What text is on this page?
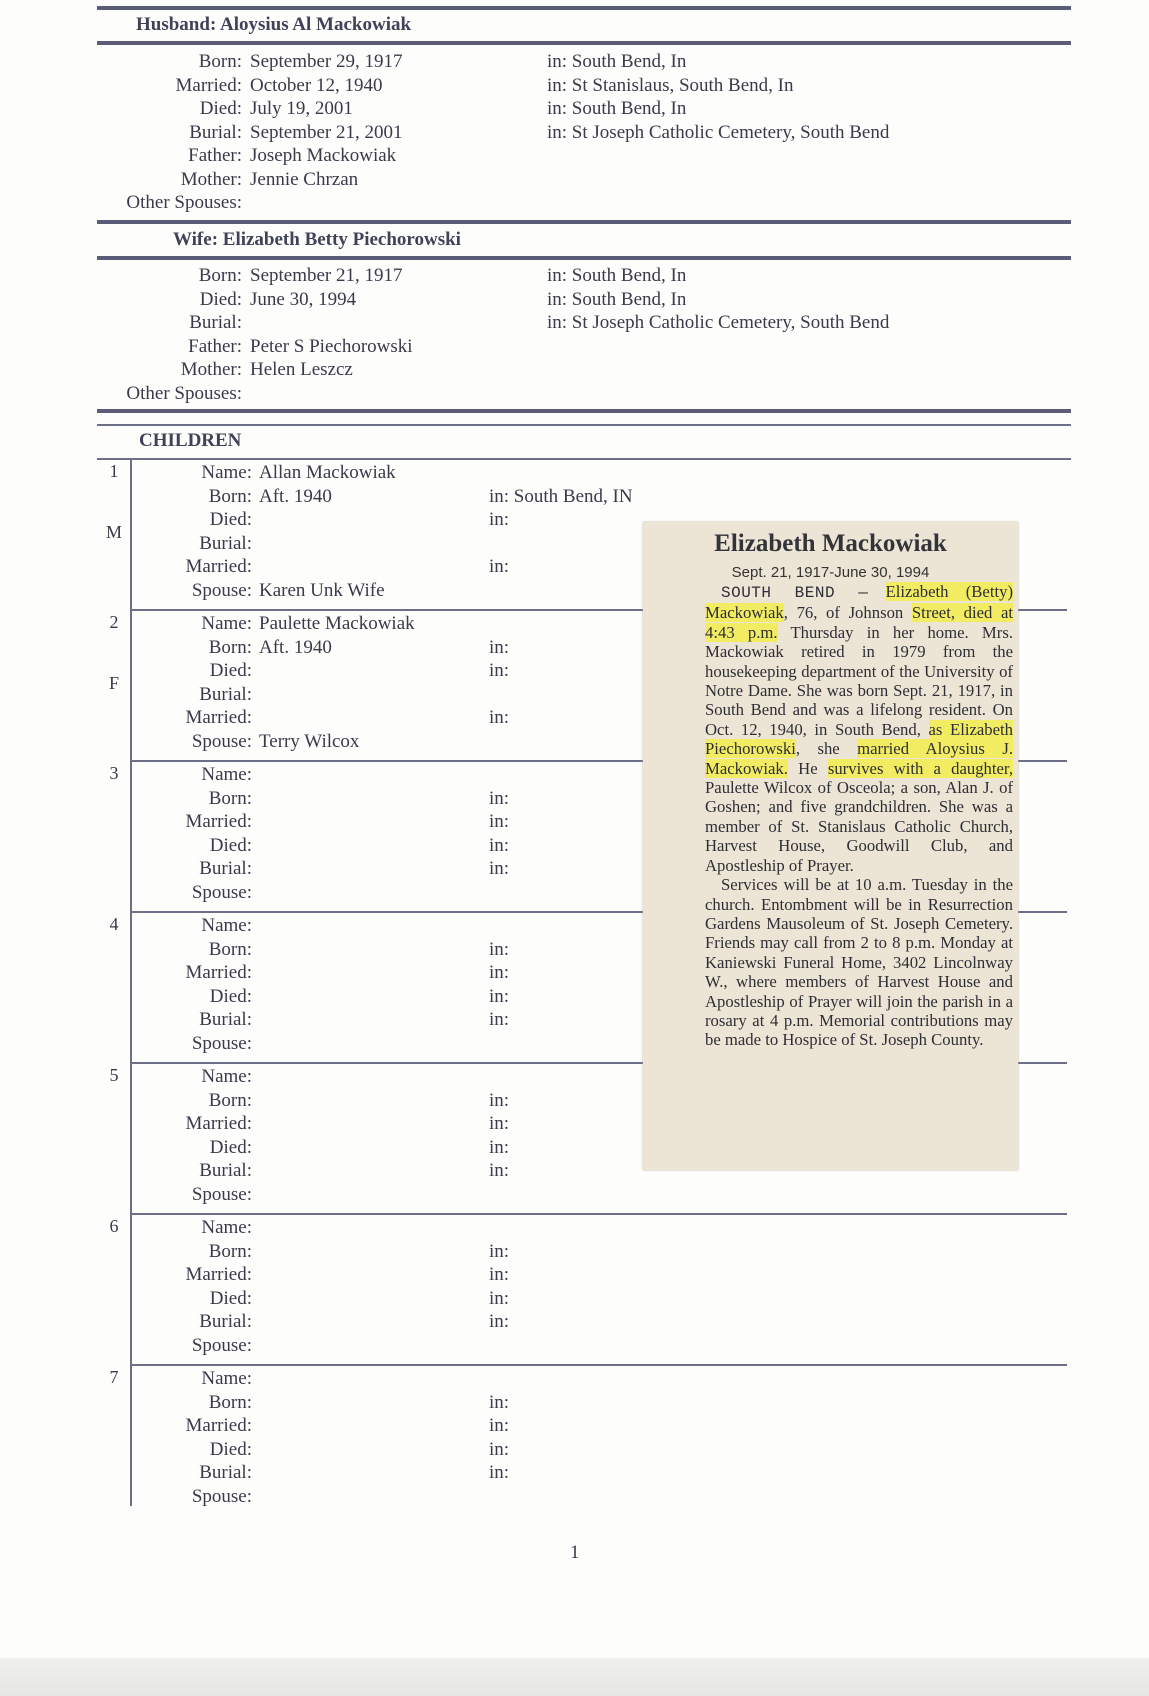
Husband: Aloysius Al Mackowiak
Born: September 29, 1917	in: South Bend, In
Married: October 12, 1940	in: St Stanislaus, South Bend, In
Died: July 19, 2001	in: South Bend, In
Burial: September 21, 2001	in: St Joseph Catholic Cemetery, South Bend
Father: Joseph Mackowiak
Mother: Jennie Chrzan
Other Spouses:
Wife: Elizabeth Betty Piechorowski
Born: September 21, 1917	in: South Bend, In
Died: June 30, 1994	in: South Bend, In
Burial:	in: St Joseph Catholic Cemetery, South Bend
Father: Peter S Piechorowski
Mother: Helen Leszcz
Other Spouses:
CHILDREN
1
M
Name: Allan Mackowiak
Born: Aft. 1940	in: South Bend, IN
Died:	in:
Burial:
Married:	in:
Spouse: Karen Unk Wife
2
F
Name: Paulette Mackowiak
Born: Aft. 1940	in:
Died:	in:
Burial:
Married:	in:
Spouse: Terry Wilcox
3	Name:
Born:	in:
Married:	in:
Died:	in:
Burial:	in:
Spouse:
4	Name:
Born:	in:
Married:	in:
Died:	in:
Burial:	in:
Spouse:
5	Name:
Born:	in:
Married:	in:
Died:	in:
Burial:	in:
Spouse:
6	Name:
Born:	in:
Married:	in:
Died:	in:
Burial:	in:
Spouse:
7	Name:
Born:	in:
Married:	in:
Died:	in:
Burial:	in:
Spouse:
Elizabeth Mackowiak
Sept. 21, 1917-June 30, 1994
SOUTH BEND — Elizabeth (Betty) Mackowiak, 76, of Johnson Street, died at 4:43 p.m. Thursday in her home. Mrs. Mackowiak retired in 1979 from the housekeeping department of the University of Notre Dame. She was born Sept. 21, 1917, in South Bend and was a lifelong resident. On Oct. 12, 1940, in South Bend, as Elizabeth Piechorowski, she married Aloysius J. Mackowiak. He survives with a daughter, Paulette Wilcox of Osceola; a son, Alan J. of Goshen; and five grandchildren. She was a member of St. Stanislaus Catholic Church, Harvest House, Goodwill Club, and Apostleship of Prayer.
Services will be at 10 a.m. Tuesday in the church. Entombment will be in Resurrection Gardens Mausoleum of St. Joseph Cemetery. Friends may call from 2 to 8 p.m. Monday at Kaniewski Funeral Home, 3402 Lincolnway W., where members of Harvest House and Apostleship of Prayer will join the parish in a rosary at 4 p.m. Memorial contributions may be made to Hospice of St. Joseph County.
1
